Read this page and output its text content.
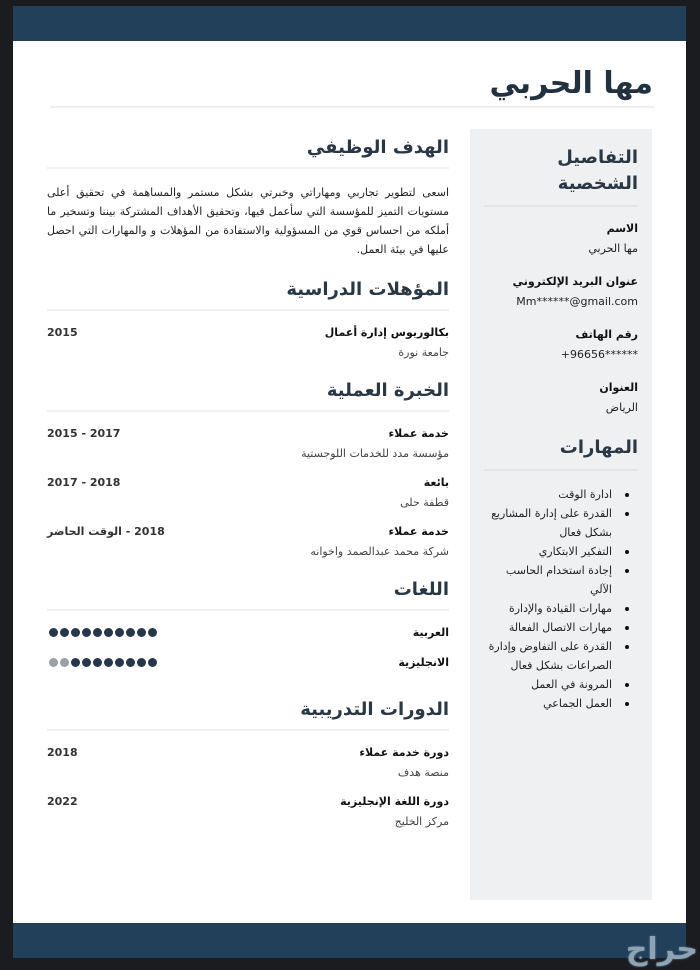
مها الحربي
الهدف الوظيفي

اسعى لتطوير تجاربي ومهاراتي وخبرتي بشكل مستمر والمساهمة في تحقيق أعلى مستويات التميز للمؤسسة التي سأعمل فيها، وتحقيق الأهداف المشتركة بيننا وتسخير ما أملكه من احساس قوي من المسؤولية والاستفادة من المؤهلات و والمهارات التي احصل عليها في بيئة العمل.

المؤهلات الدراسية
بكالوريوس إدارة أعمال
جامعة نورة
2015
الخبرة العملية
خدمة عملاء
مؤسسة مدد للخدمات اللوجستية
2015 - 2017
بائعة
قطفة حلى
2017 - 2018
خدمة عملاء
شركة محمد عبدالصمد واخوانه
2018 - الوقت الحاضر
اللغات
العربية
الانجليزية
الدورات التدريبية
دورة خدمة عملاء
منصة هدف
2018
دورة اللغة الإنجليزية
مركز الخليج
2022
التفاصيل الشخصية
الاسم
مها الحربي
عنوان البريد الإلكتروني
Mm******@gmail.com
رقم الهاتف
+96656******
العنوان
الرياض
المهارات
ادارة الوقت
القدرة على إدارة المشاريع بشكل فعال
التفكير الابتكاري
إجادة استخدام الحاسب الآلي
مهارات القيادة والإدارة
مهارات الاتصال الفعالة
القدرة على التفاوض وإدارة الصراعات بشكل فعال
المرونة في العمل
العمل الجماعي
حراج
